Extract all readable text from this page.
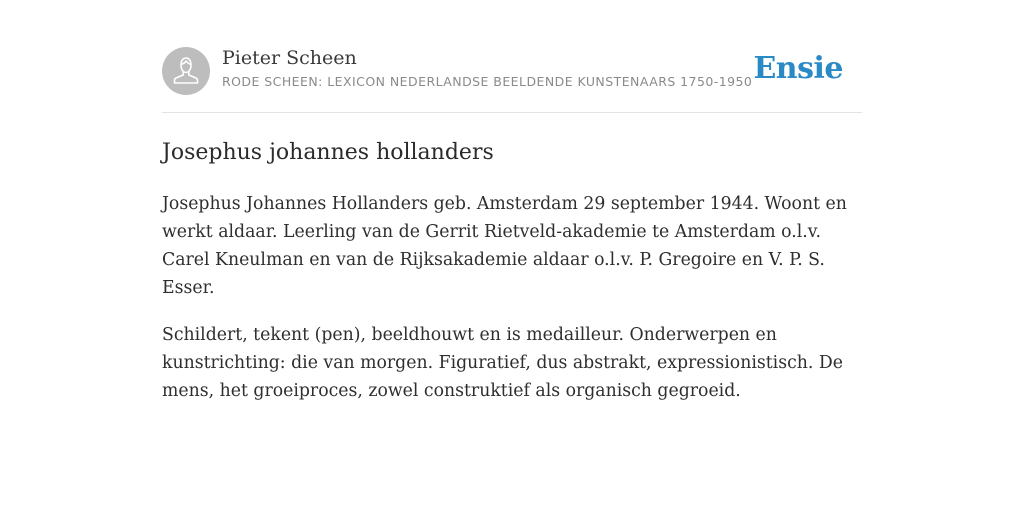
Pieter Scheen
RODE SCHEEN: LEXICON NEDERLANDSE BEELDENDE KUNSTENAARS 1750-1950 Ensie
Josephus johannes hollanders

Josephus Johannes Hollanders geb. Amsterdam 29 september 1944. Woont en werkt aldaar. Leerling van de Gerrit Rietveld-akademie te Amsterdam o.l.v. Carel Kneulman en van de Rijksakademie aldaar o.l.v. P. Gregoire en V. P. S. Esser.

Schildert, tekent (pen), beeldhouwt en is medailleur. Onderwerpen en kunstrichting: die van morgen. Figuratief, dus abstrakt, expressionistisch. De mens, het groeiproces, zowel construktief als organisch gegroeid.
